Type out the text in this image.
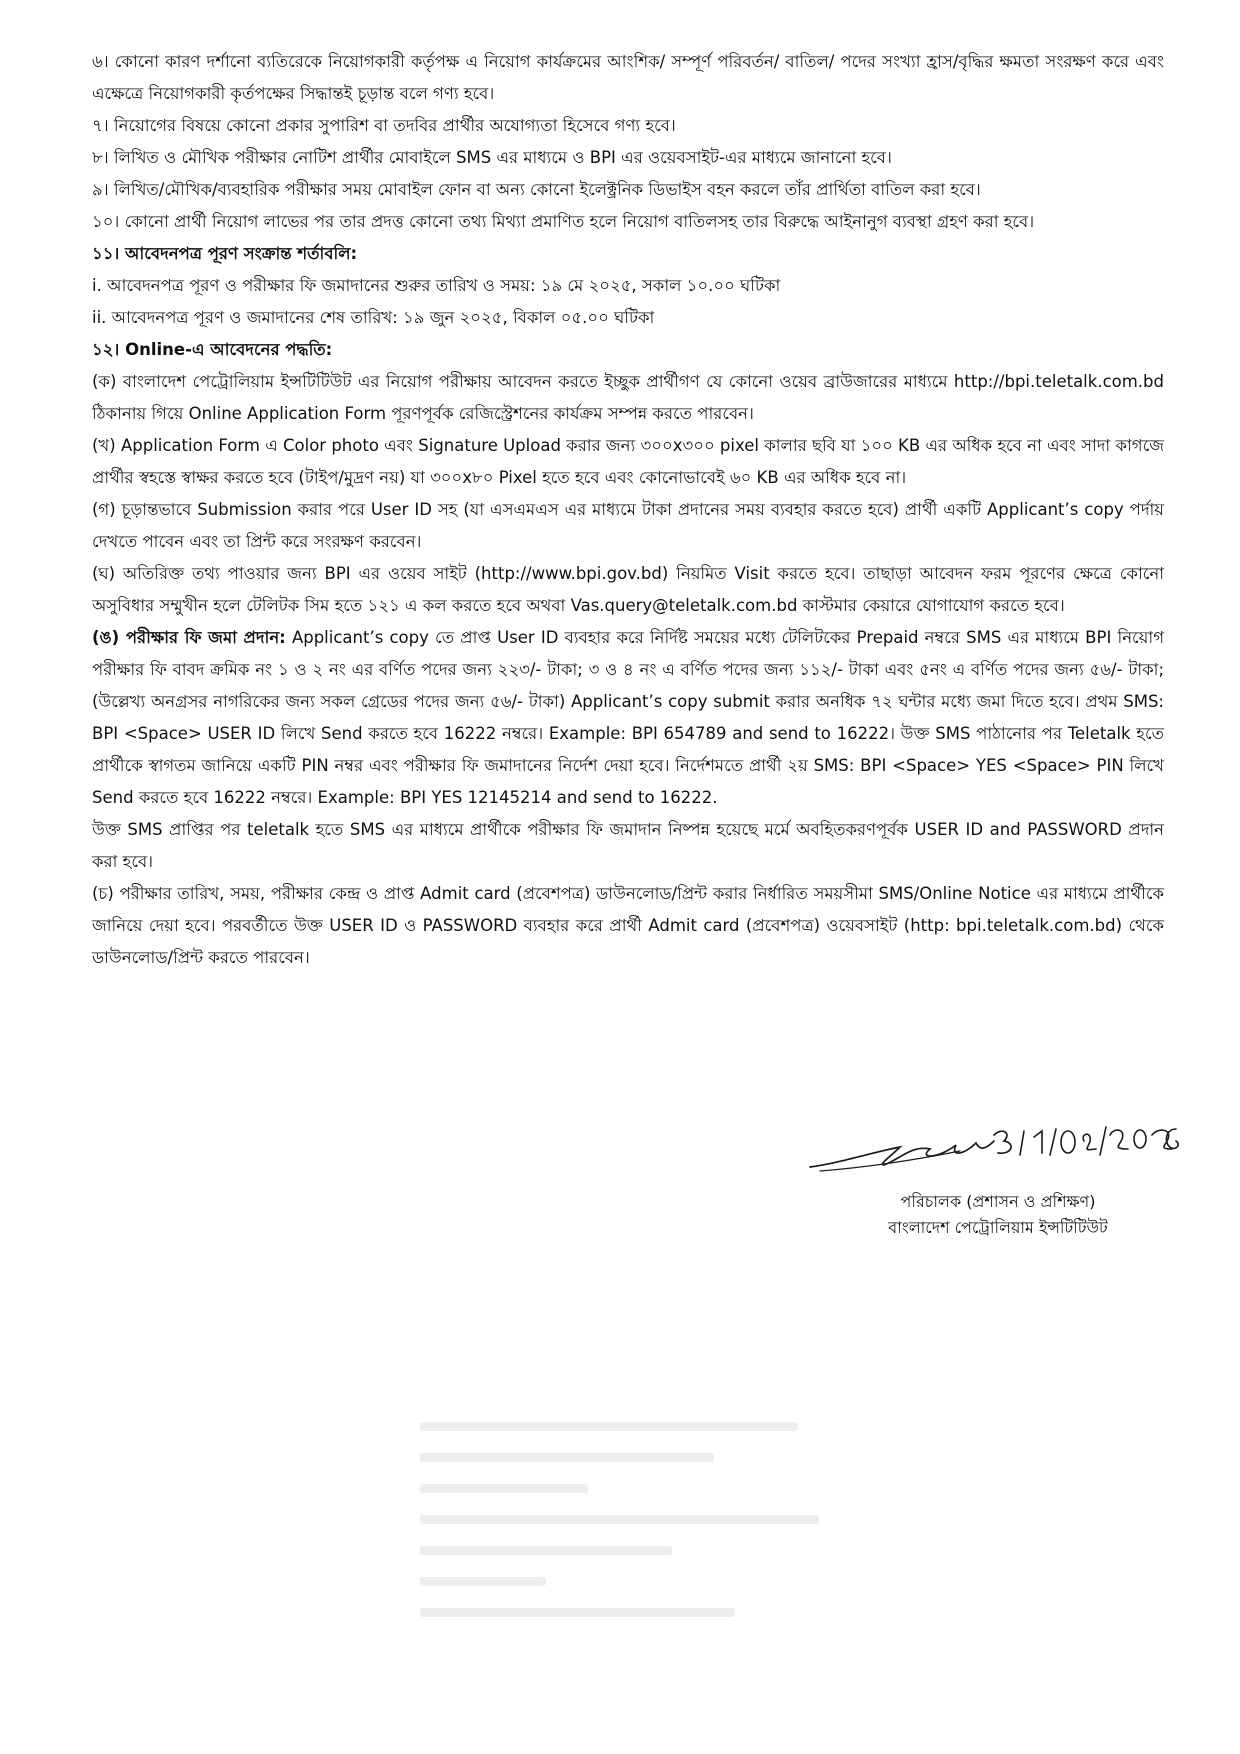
৬। কোনো কারণ দর্শানো ব্যতিরেকে নিয়োগকারী কর্তৃপক্ষ এ নিয়োগ কার্যক্রমের আংশিক/ সম্পূর্ণ পরিবর্তন/ বাতিল/ পদের সংখ্যা হ্রাস/বৃদ্ধির ক্ষমতা সংরক্ষণ করে এবং এক্ষেত্রে নিয়োগকারী কৃর্তপক্ষের সিদ্ধান্তই চূড়ান্ত বলে গণ্য হবে।

৭। নিয়োগের বিষয়ে কোনো প্রকার সুপারিশ বা তদবির প্রার্থীর অযোগ্যতা হিসেবে গণ্য হবে।

৮। লিখিত ও মৌখিক পরীক্ষার নোটিশ প্রার্থীর মোবাইলে SMS এর মাধ্যমে ও BPI এর ওয়েবসাইট-এর মাধ্যমে জানানো হবে।

৯। লিখিত/মৌখিক/ব্যবহারিক পরীক্ষার সময় মোবাইল ফোন বা অন্য কোনো ইলেক্ট্রনিক ডিভাইস বহন করলে তাঁর প্রার্থিতা বাতিল করা হবে।

১০। কোনো প্রার্থী নিয়োগ লাভের পর তার প্রদত্ত কোনো তথ্য মিথ্যা প্রমাণিত হলে নিয়োগ বাতিলসহ তার বিরুদ্ধে আইনানুগ ব্যবস্থা গ্রহণ করা হবে।

১১। আবেদনপত্র পূরণ সংক্রান্ত শর্তাবলি:

i. আবেদনপত্র পূরণ ও পরীক্ষার ফি জমাদানের শুরুর তারিখ ও সময়: ১৯ মে ২০২৫, সকাল ১০.০০ ঘটিকা

ii. আবেদনপত্র পূরণ ও জমাদানের শেষ তারিখ: ১৯ জুন ২০২৫, বিকাল ০৫.০০ ঘটিকা

১২। Online-এ আবেদনের পদ্ধতি:

(ক) বাংলাদেশ পেট্রোলিয়াম ইন্সটিটিউট এর নিয়োগ পরীক্ষায় আবেদন করতে ইচ্ছুক প্রার্থীগণ যে কোনো ওয়েব ব্রাউজারের মাধ্যমে http://bpi.teletalk.com.bd ঠিকানায় গিয়ে Online Application Form পূরণপূর্বক রেজিস্ট্রেশনের কার্যক্রম সম্পন্ন করতে পারবেন।

(খ) Application Form এ Color photo এবং Signature Upload করার জন্য ৩০০x৩০০ pixel কালার ছবি যা ১০০ KB এর অধিক হবে না এবং সাদা কাগজে প্রার্থীর স্বহস্তে স্বাক্ষর করতে হবে (টাইপ/মুদ্রণ নয়) যা ৩০০x৮০ Pixel হতে হবে এবং কোনোভাবেই ৬০ KB এর অধিক হবে না।

(গ) চূড়ান্তভাবে Submission করার পরে User ID সহ (যা এসএমএস এর মাধ্যমে টাকা প্রদানের সময় ব্যবহার করতে হবে) প্রার্থী একটি Applicant’s copy পর্দায় দেখতে পাবেন এবং তা প্রিন্ট করে সংরক্ষণ করবেন।

(ঘ) অতিরিক্ত তথ্য পাওয়ার জন্য BPI এর ওয়েব সাইট (http://www.bpi.gov.bd) নিয়মিত Visit করতে হবে। তাছাড়া আবেদন ফরম পূরণের ক্ষেত্রে কোনো অসুবিধার সম্মুখীন হলে টেলিটক সিম হতে ১২১ এ কল করতে হবে অথবা Vas.query@teletalk.com.bd কাস্টমার কেয়ারে যোগাযোগ করতে হবে।

(ঙ) পরীক্ষার ফি জমা প্রদান: Applicant’s copy তে প্রাপ্ত User ID ব্যবহার করে নির্দিষ্ট সময়ের মধ্যে টেলিটকের Prepaid নম্বরে SMS এর মাধ্যমে BPI নিয়োগ পরীক্ষার ফি বাবদ ক্রমিক নং ১ ও ২ নং এর বর্ণিত পদের জন্য ২২৩/- টাকা; ৩ ও ৪ নং এ বর্ণিত পদের জন্য ১১২/- টাকা এবং ৫নং এ বর্ণিত পদের জন্য ৫৬/- টাকা; (উল্লেখ্য অনগ্রসর নাগরিকের জন্য সকল গ্রেডের পদের জন্য ৫৬/- টাকা) Applicant’s copy submit করার অনধিক ৭২ ঘন্টার মধ্যে জমা দিতে হবে। প্রথম SMS: BPI <Space> USER ID লিখে Send করতে হবে 16222 নম্বরে। Example: BPI 654789 and send to 16222। উক্ত SMS পাঠানোর পর Teletalk হতে প্রার্থীকে স্বাগতম জানিয়ে একটি PIN নম্বর এবং পরীক্ষার ফি জমাদানের নির্দেশ দেয়া হবে। নির্দেশমতে প্রার্থী ২য় SMS: BPI <Space> YES <Space> PIN লিখে Send করতে হবে 16222 নম্বরে। Example: BPI YES 12145214 and send to 16222.

উক্ত SMS প্রাপ্তির পর teletalk হতে SMS এর মাধ্যমে প্রার্থীকে পরীক্ষার ফি জমাদান নিষ্পন্ন হয়েছে মর্মে অবহিতকরণপূর্বক USER ID and PASSWORD প্রদান করা হবে।

(চ) পরীক্ষার তারিখ, সময়, পরীক্ষার কেন্দ্র ও প্রাপ্ত Admit card (প্রবেশপত্র) ডাউনলোড/প্রিন্ট করার নির্ধারিত সময়সীমা SMS/Online Notice এর মাধ্যমে প্রার্থীকে জানিয়ে দেয়া হবে। পরবর্তীতে উক্ত USER ID ও PASSWORD ব্যবহার করে প্রার্থী Admit card (প্রবেশপত্র) ওয়েবসাইট (http: bpi.teletalk.com.bd) থেকে ডাউনলোড/প্রিন্ট করতে পারবেন।

পরিচালক (প্রশাসন ও প্রশিক্ষণ)
বাংলাদেশ পেট্রোলিয়াম ইন্সটিটিউট
